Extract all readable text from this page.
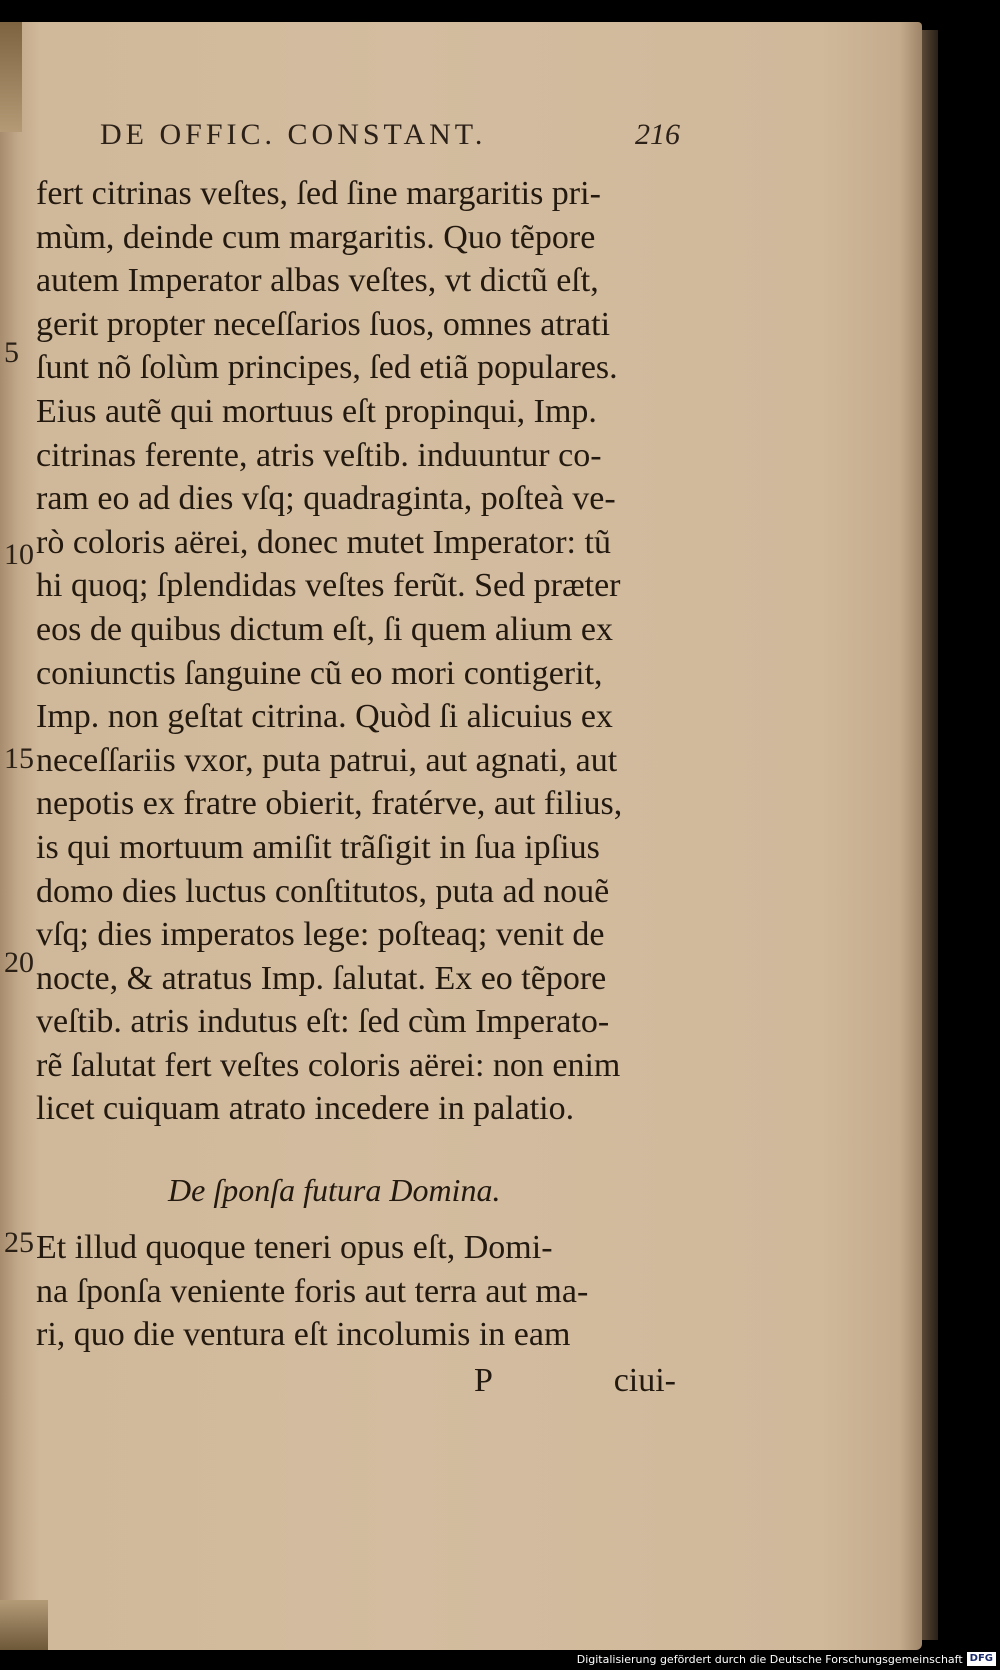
DE OFFIC. CONSTANT.	216
fert citrinas veſtes, ſed ſine margaritis pri-
mùm, deinde cum margaritis. Quo tẽpore
autem Imperator albas veſtes, vt dictũ eſt,
gerit propter neceſſarios ſuos, omnes atrati
ſunt nõ ſolùm principes, ſed etiã populares.
Eius autẽ qui mortuus eſt propinqui, Imp.
citrinas ferente, atris veſtib. induuntur co-
ram eo ad dies vſq; quadraginta, poſteà ve-
rò coloris aërei, donec mutet Imperator: tũ
hi quoq; ſplendidas veſtes ferũt. Sed præter
eos de quibus dictum eſt, ſi quem alium ex
coniunctis ſanguine cũ eo mori contigerit,
Imp. non geſtat citrina. Quòd ſi alicuius ex
neceſſariis vxor, puta patrui, aut agnati, aut
nepotis ex fratre obierit, fratérve, aut filius,
is qui mortuum amiſit trãſigit in ſua ipſius
domo dies luctus conſtitutos, puta ad nouẽ
vſq; dies imperatos lege: poſteaq; venit de
nocte, & atratus Imp. ſalutat. Ex eo tẽpore
veſtib. atris indutus eſt: ſed cùm Imperato-
rẽ ſalutat fert veſtes coloris aërei: non enim
licet cuiquam atrato incedere in palatio.
5
10
15
20
25
De ſponſa futura Domina.
Et illud quoque teneri opus eſt, Domi-
na ſponſa veniente foris aut terra aut ma-
ri, quo die ventura eſt incolumis in eam
P	ciui-
Digitalisierung gefördert durch die Deutsche Forschungsgemeinschaft DFG
